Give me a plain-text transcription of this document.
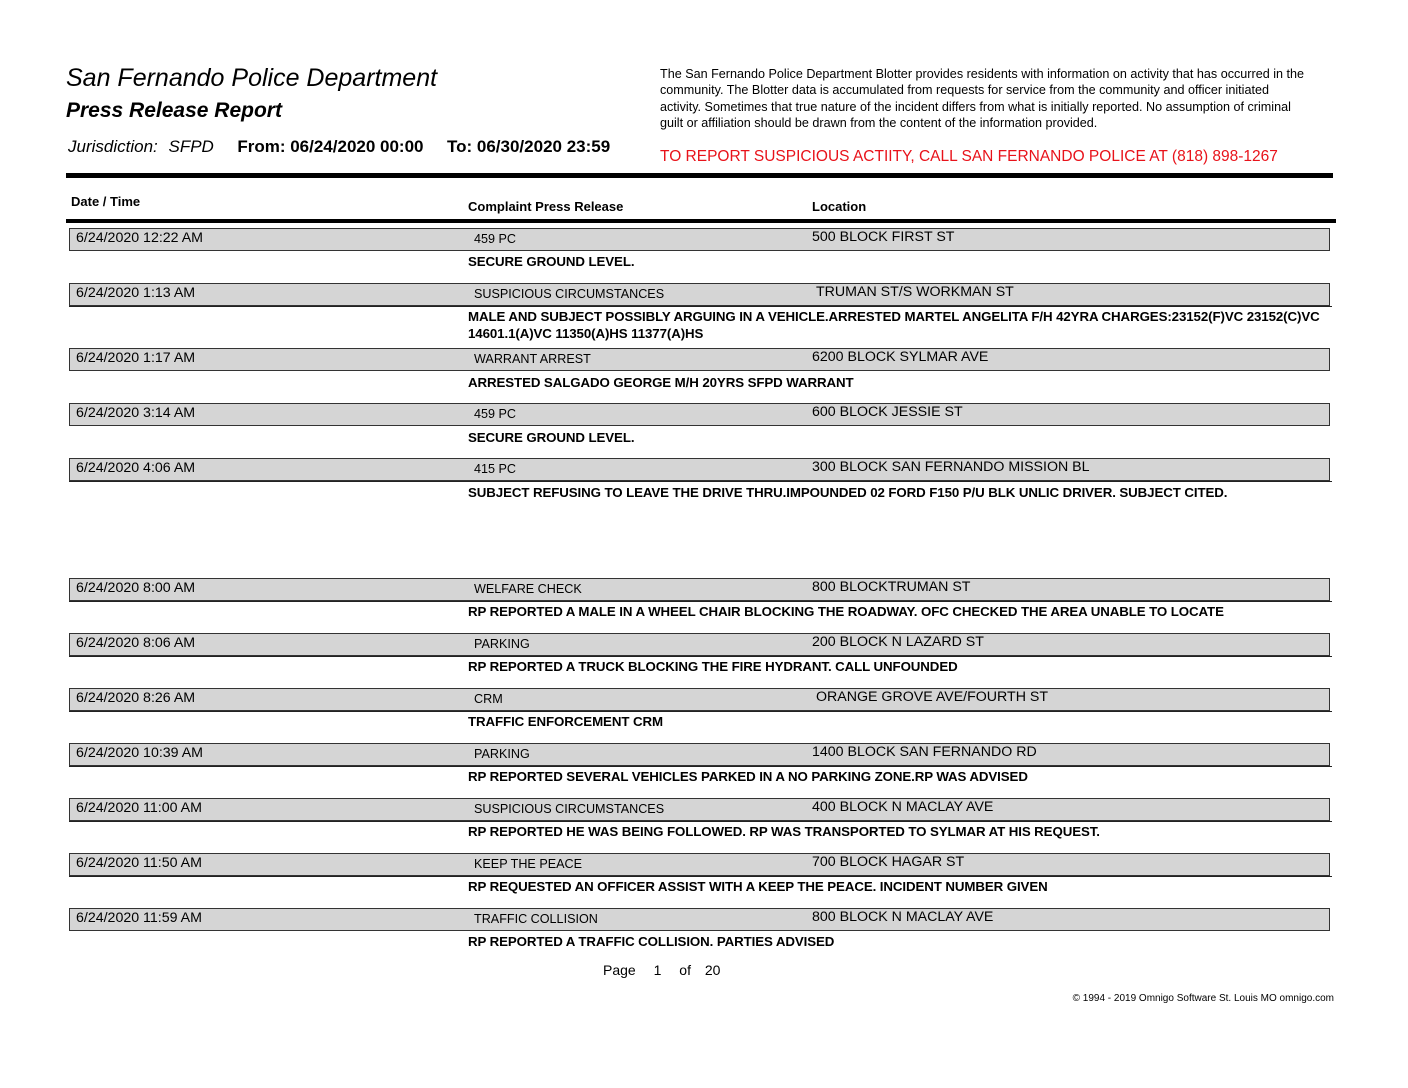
San Fernando Police Department
Press Release Report
Jurisdiction: SFPD From: 06/24/2020 00:00 To: 06/30/2020 23:59
The San Fernando Police Department Blotter provides residents with information on activity that has occurred in the community. The Blotter data is accumulated from requests for service from the community and officer initiated activity. Sometimes that true nature of the incident differs from what is initially reported. No assumption of criminal guilt or affiliation should be drawn from the content of the information provided.
TO REPORT SUSPICIOUS ACTIITY, CALL SAN FERNANDO POLICE AT (818) 898-1267
Date / Time	Complaint Press Release	Location
6/24/2020 12:22 AM	459 PC	500 BLOCK FIRST ST
SECURE GROUND LEVEL.
6/24/2020 1:13 AM	SUSPICIOUS CIRCUMSTANCES	TRUMAN ST/S WORKMAN ST
MALE AND SUBJECT POSSIBLY ARGUING IN A VEHICLE.ARRESTED MARTEL ANGELITA F/H 42YRA CHARGES:23152(F)VC 23152(C)VC 14601.1(A)VC 11350(A)HS 11377(A)HS
6/24/2020 1:17 AM	WARRANT ARREST	6200 BLOCK SYLMAR AVE
ARRESTED SALGADO GEORGE M/H 20YRS SFPD WARRANT
6/24/2020 3:14 AM	459 PC	600 BLOCK JESSIE ST
SECURE GROUND LEVEL.
6/24/2020 4:06 AM	415 PC	300 BLOCK SAN FERNANDO MISSION BL
SUBJECT REFUSING TO LEAVE THE DRIVE THRU.IMPOUNDED 02 FORD F150 P/U BLK UNLIC DRIVER. SUBJECT CITED.
6/24/2020 8:00 AM	WELFARE CHECK	800 BLOCKTRUMAN ST
RP REPORTED A MALE IN A WHEEL CHAIR BLOCKING THE ROADWAY. OFC CHECKED THE AREA UNABLE TO LOCATE
6/24/2020 8:06 AM	PARKING	200 BLOCK N LAZARD ST
RP REPORTED A TRUCK BLOCKING THE FIRE HYDRANT. CALL UNFOUNDED
6/24/2020 8:26 AM	CRM	ORANGE GROVE AVE/FOURTH ST
TRAFFIC ENFORCEMENT CRM
6/24/2020 10:39 AM	PARKING	1400 BLOCK SAN FERNANDO RD
RP REPORTED SEVERAL VEHICLES PARKED IN A NO PARKING ZONE.RP WAS ADVISED
6/24/2020 11:00 AM	SUSPICIOUS CIRCUMSTANCES	400 BLOCK N MACLAY AVE
RP REPORTED HE WAS BEING FOLLOWED. RP WAS TRANSPORTED TO SYLMAR AT HIS REQUEST.
6/24/2020 11:50 AM	KEEP THE PEACE	700 BLOCK HAGAR ST
RP REQUESTED AN OFFICER ASSIST WITH A KEEP THE PEACE. INCIDENT NUMBER GIVEN
6/24/2020 11:59 AM	TRAFFIC COLLISION	800 BLOCK N MACLAY AVE
RP REPORTED A TRAFFIC COLLISION. PARTIES ADVISED
Page 1 of 20
© 1994 - 2019 Omnigo Software St. Louis MO omnigo.com
